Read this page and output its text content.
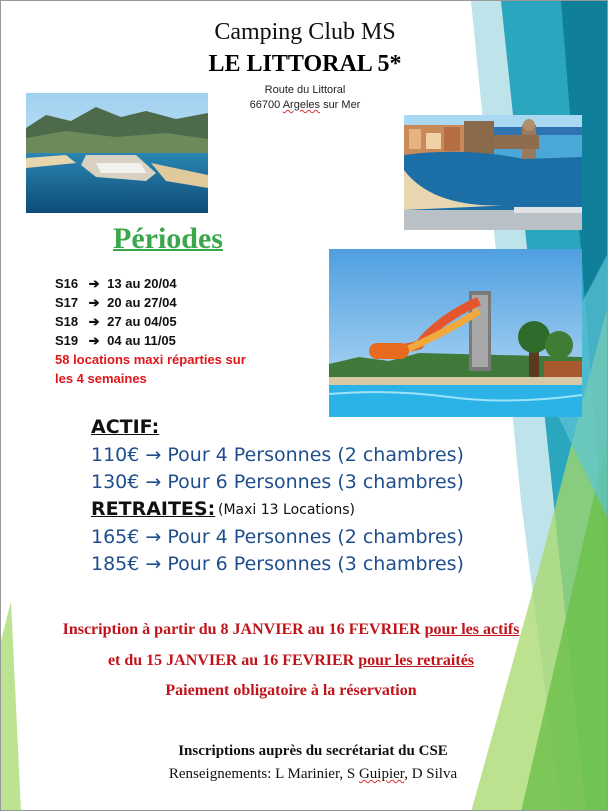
Camping Club MS
LE LITTORAL 5*
Route du Littoral
66700 Argeles sur Mer
Périodes
S16 ➔ 13 au 20/04
S17 ➔ 20 au 27/04
S18 ➔ 27 au 04/05
S19 ➔ 04 au 11/05
58 locations maxi réparties sur
les 4 semaines
ACTIF:
110€ → Pour 4 Personnes (2 chambres)
130€ → Pour 6 Personnes (3 chambres)
RETRAITES: (Maxi 13 Locations)
165€ → Pour 4 Personnes (2 chambres)
185€ → Pour 6 Personnes (3 chambres)
Inscription à partir du 8 JANVIER au 16 FEVRIER pour les actifs
et du 15 JANVIER au 16 FEVRIER pour les retraités
Paiement obligatoire à la réservation
Inscriptions auprès du secrétariat du CSE
Renseignements: L Marinier, S Guipier, D Silva
